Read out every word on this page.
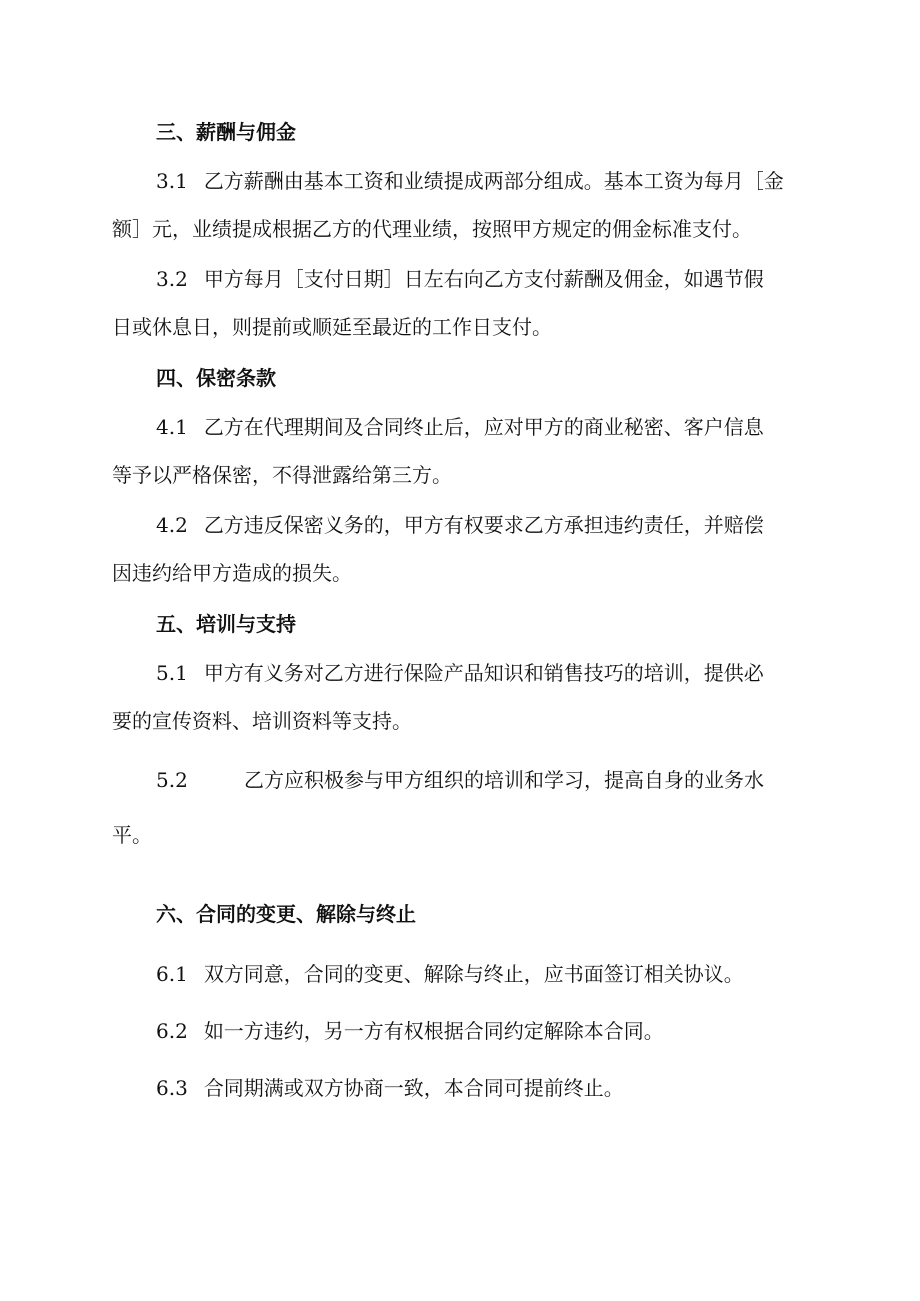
三、薪酬与佣金
3.1 乙方薪酬由基本工资和业绩提成两部分组成。基本工资为每月［金
额］元，业绩提成根据乙方的代理业绩，按照甲方规定的佣金标准支付。
3.2 甲方每月［支付日期］日左右向乙方支付薪酬及佣金，如遇节假
日或休息日，则提前或顺延至最近的工作日支付。
四、保密条款
4.1 乙方在代理期间及合同终止后，应对甲方的商业秘密、客户信息
等予以严格保密，不得泄露给第三方。
4.2 乙方违反保密义务的，甲方有权要求乙方承担违约责任，并赔偿
因违约给甲方造成的损失。
五、培训与支持
5.1 甲方有义务对乙方进行保险产品知识和销售技巧的培训，提供必
要的宣传资料、培训资料等支持。
5.2	乙方应积极参与甲方组织的培训和学习，提高自身的业务水
平。
六、合同的变更、解除与终止
6.1 双方同意，合同的变更、解除与终止，应书面签订相关协议。
6.2 如一方违约，另一方有权根据合同约定解除本合同。
6.3 合同期满或双方协商一致，本合同可提前终止。
